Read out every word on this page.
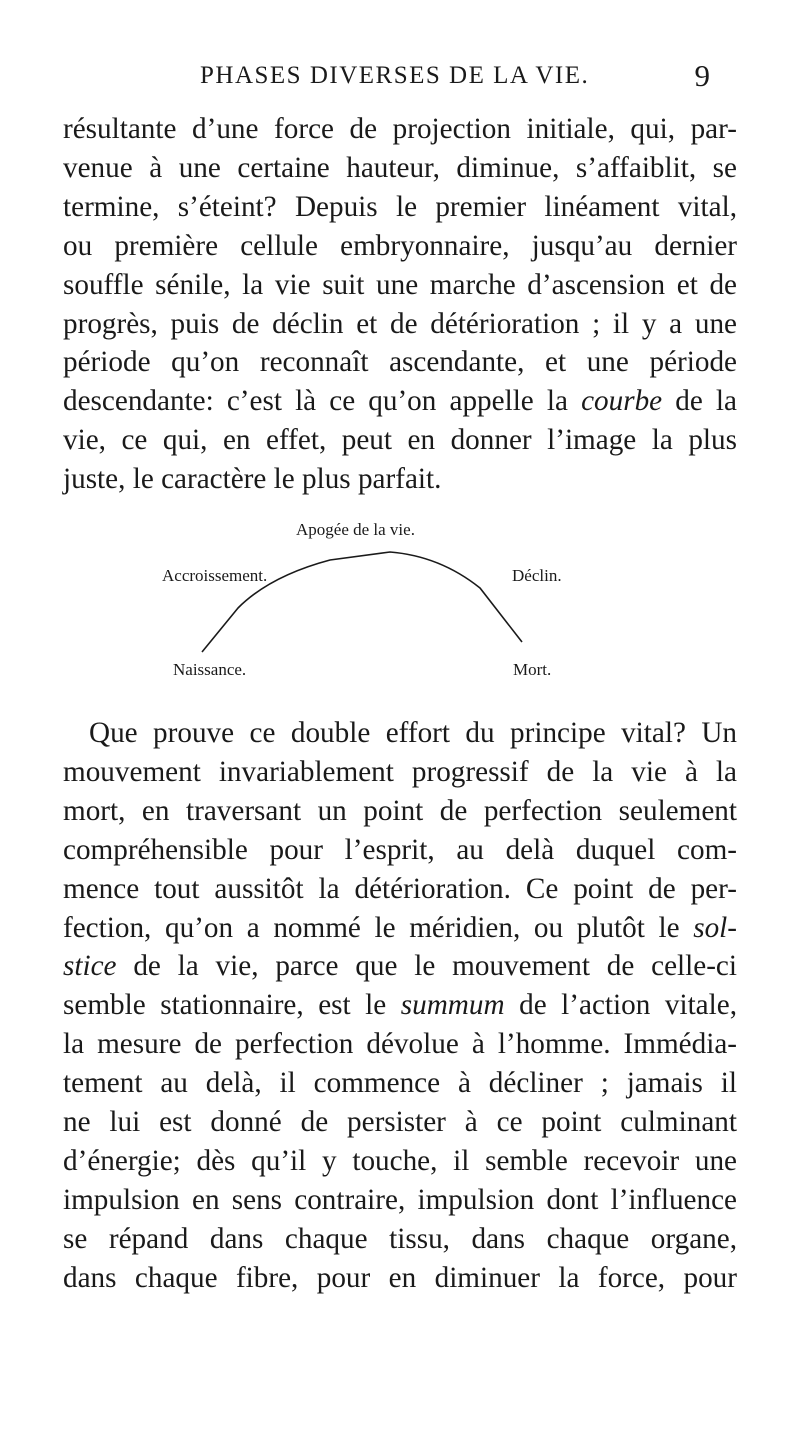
PHASES DIVERSES DE LA VIE.	9
résultante d’une force de projection initiale, qui, par-
venue à une certaine hauteur, diminue, s’affaiblit, se
termine, s’éteint? Depuis le premier linéament vital,
ou première cellule embryonnaire, jusqu’au dernier
souffle sénile, la vie suit une marche d’ascension et de
progrès, puis de déclin et de détérioration ; il y a une
période qu’on reconnaît ascendante, et une période
descendante: c’est là ce qu’on appelle la courbe de la
vie, ce qui, en effet, peut en donner l’image la plus
juste, le caractère le plus parfait.
Apogée de la vie.
Accroissement.	Déclin.
Naissance.	Mort.
Que prouve ce double effort du principe vital? Un
mouvement invariablement progressif de la vie à la
mort, en traversant un point de perfection seulement
compréhensible pour l’esprit, au delà duquel com-
mence tout aussitôt la détérioration. Ce point de per-
fection, qu’on a nommé le méridien, ou plutôt le sol-
stice de la vie, parce que le mouvement de celle-ci
semble stationnaire, est le summum de l’action vitale,
la mesure de perfection dévolue à l’homme. Immédia-
tement au delà, il commence à décliner ; jamais il
ne lui est donné de persister à ce point culminant
d’énergie; dès qu’il y touche, il semble recevoir une
impulsion en sens contraire, impulsion dont l’influence
se répand dans chaque tissu, dans chaque organe,
dans chaque fibre, pour en diminuer la force, pour
